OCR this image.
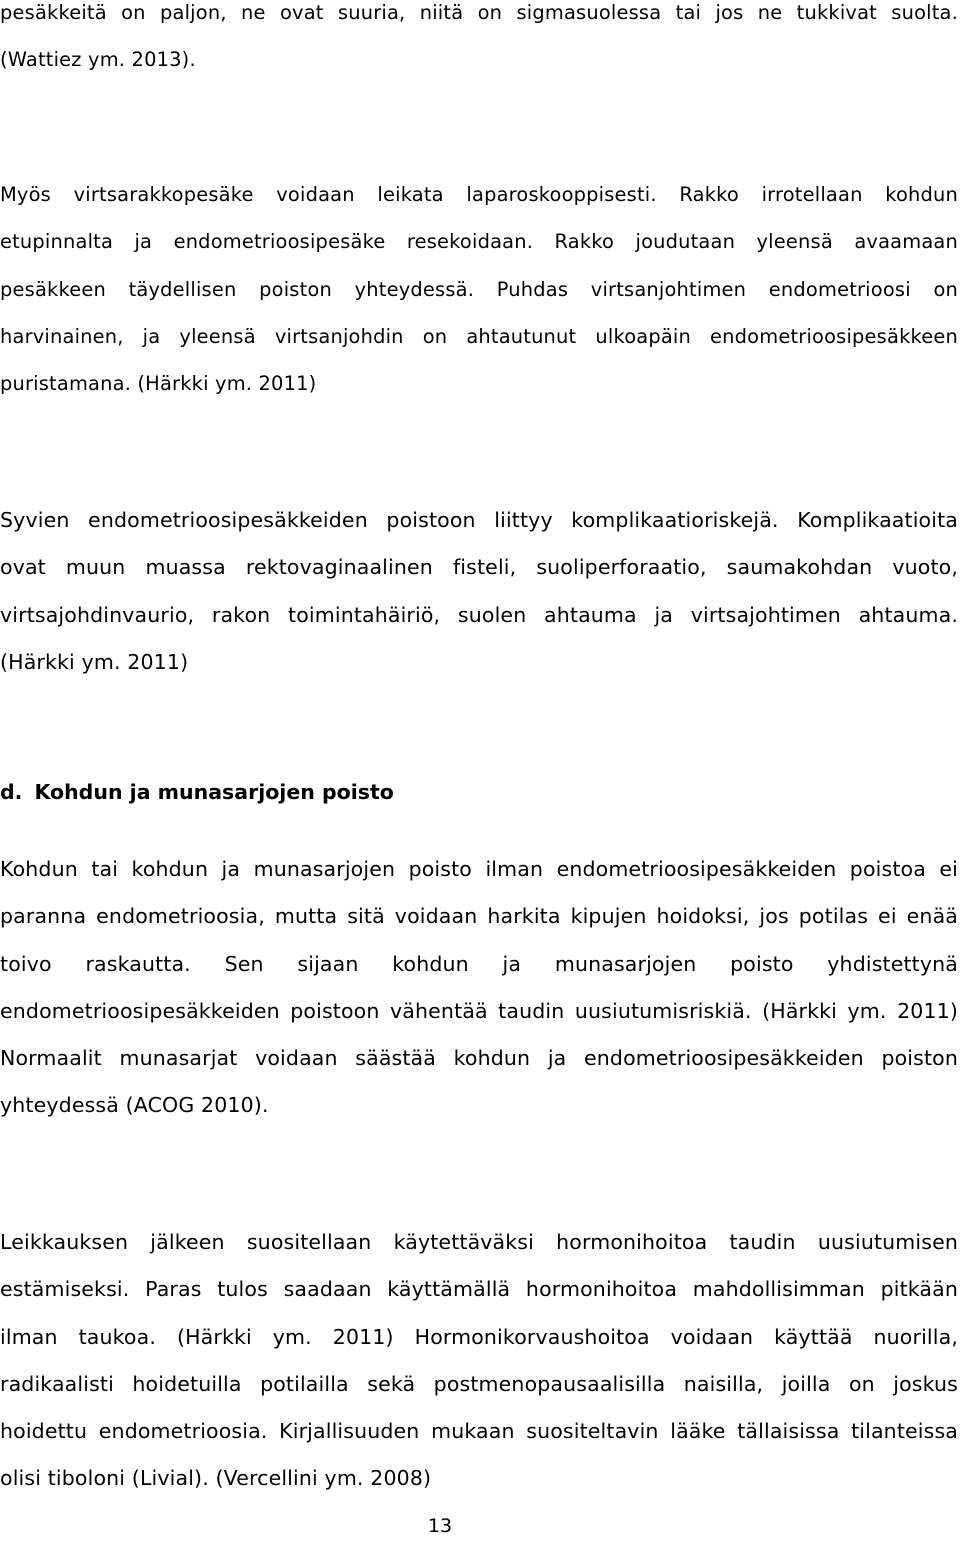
pesäkkeitä on paljon, ne ovat suuria, niitä on sigmasuolessa tai jos ne tukkivat suolta.
(Wattiez ym. 2013).
Myös virtsarakkopesäke voidaan leikata laparoskooppisesti. Rakko irrotellaan kohdun
etupinnalta ja endometrioosipesäke resekoidaan. Rakko joudutaan yleensä avaamaan
pesäkkeen täydellisen poiston yhteydessä. Puhdas virtsanjohtimen endometrioosi on
harvinainen, ja yleensä virtsanjohdin on ahtautunut ulkoapäin endometrioosipesäkkeen
puristamana. (Härkki ym. 2011)
Syvien endometrioosipesäkkeiden poistoon liittyy komplikaatioriskejä. Komplikaatioita
ovat muun muassa rektovaginaalinen fisteli, suoliperforaatio, saumakohdan vuoto,
virtsajohdinvaurio, rakon toimintahäiriö, suolen ahtauma ja virtsajohtimen ahtauma.
(Härkki ym. 2011)
d. Kohdun ja munasarjojen poisto
Kohdun tai kohdun ja munasarjojen poisto ilman endometrioosipesäkkeiden poistoa ei
paranna endometrioosia, mutta sitä voidaan harkita kipujen hoidoksi, jos potilas ei enää
toivo raskautta. Sen sijaan kohdun ja munasarjojen poisto yhdistettynä
endometrioosipesäkkeiden poistoon vähentää taudin uusiutumisriskiä. (Härkki ym. 2011)
Normaalit munasarjat voidaan säästää kohdun ja endometrioosipesäkkeiden poiston
yhteydessä (ACOG 2010).
Leikkauksen jälkeen suositellaan käytettäväksi hormonihoitoa taudin uusiutumisen
estämiseksi. Paras tulos saadaan käyttämällä hormonihoitoa mahdollisimman pitkään
ilman taukoa. (Härkki ym. 2011) Hormonikorvaushoitoa voidaan käyttää nuorilla,
radikaalisti hoidetuilla potilailla sekä postmenopausaalisilla naisilla, joilla on joskus
hoidettu endometrioosia. Kirjallisuuden mukaan suositeltavin lääke tällaisissa tilanteissa
olisi tiboloni (Livial). (Vercellini ym. 2008)
13
